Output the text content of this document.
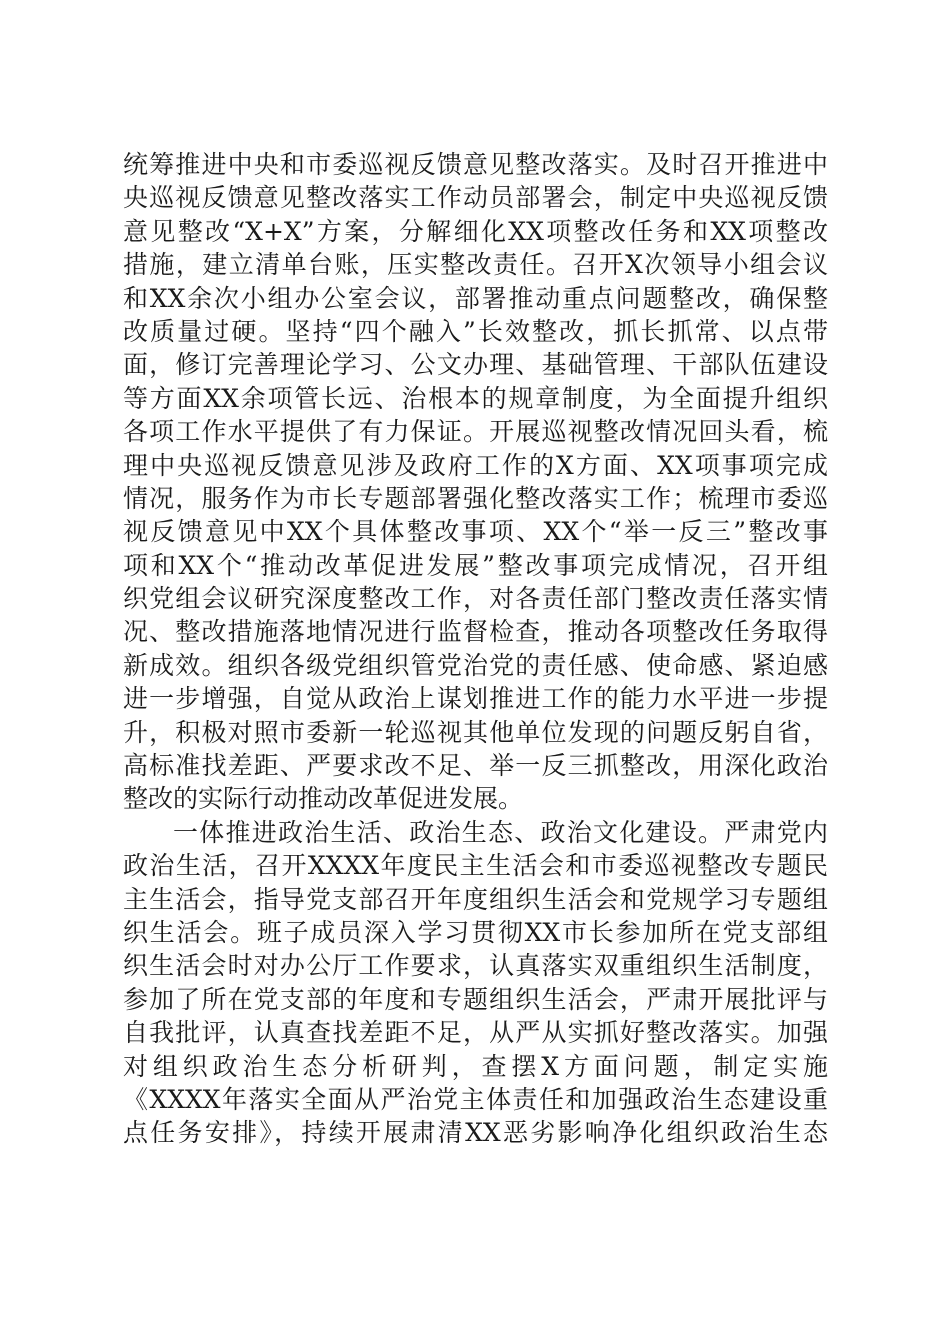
统筹推进中央和市委巡视反馈意见整改落实。及时召开推进中
央巡视反馈意见整改落实工作动员部署会，制定中央巡视反馈
意见整改“X+X”方案，分解细化XX项整改任务和XX项整改
措施，建立清单台账，压实整改责任。召开X次领导小组会议
和XX余次小组办公室会议，部署推动重点问题整改，确保整
改质量过硬。坚持“四个融入”长效整改，抓长抓常、以点带
面，修订完善理论学习、公文办理、基础管理、干部队伍建设
等方面XX余项管长远、治根本的规章制度，为全面提升组织
各项工作水平提供了有力保证。开展巡视整改情况回头看，梳
理中央巡视反馈意见涉及政府工作的X方面、XX项事项完成
情况，服务作为市长专题部署强化整改落实工作；梳理市委巡
视反馈意见中XX个具体整改事项、XX个“举一反三”整改事
项和XX个“推动改革促进发展”整改事项完成情况，召开组
织党组会议研究深度整改工作，对各责任部门整改责任落实情
况、整改措施落地情况进行监督检查，推动各项整改任务取得
新成效。组织各级党组织管党治党的责任感、使命感、紧迫感
进一步增强，自觉从政治上谋划推进工作的能力水平进一步提
升，积极对照市委新一轮巡视其他单位发现的问题反躬自省，
高标准找差距、严要求改不足、举一反三抓整改，用深化政治
整改的实际行动推动改革促进发展。
一体推进政治生活、政治生态、政治文化建设。严肃党内
政治生活，召开XXXX年度民主生活会和市委巡视整改专题民
主生活会，指导党支部召开年度组织生活会和党规学习专题组
织生活会。班子成员深入学习贯彻XX市长参加所在党支部组
织生活会时对办公厅工作要求，认真落实双重组织生活制度，
参加了所在党支部的年度和专题组织生活会，严肃开展批评与
自我批评，认真查找差距不足，从严从实抓好整改落实。加强
对组织政治生态分析研判，查摆X方面问题，制定实施
《XXXX年落实全面从严治党主体责任和加强政治生态建设重
点任务安排》，持续开展肃清XX恶劣影响净化组织政治生态
